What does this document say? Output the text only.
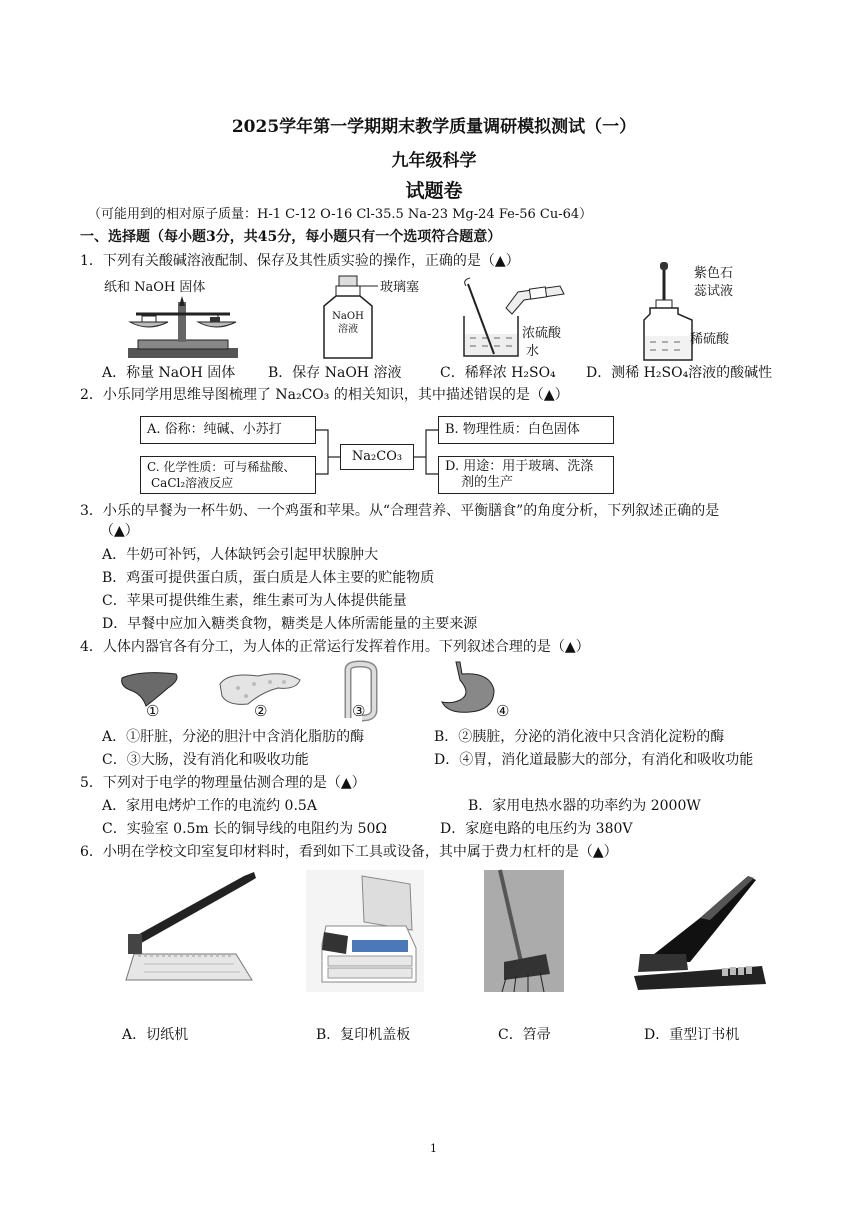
2025学年第一学期期末教学质量调研模拟测试（一）
九年级科学
试题卷
（可能用到的相对原子质量：H-1 C-12 O-16 Cl-35.5 Na-23 Mg-24 Fe-56 Cu-64）
一、选择题（每小题3分，共45分，每小题只有一个选项符合题意）
1．下列有关酸碱溶液配制、保存及其性质实验的操作，正确的是（▲）
纸和 NaOH 固体
NaOH
溶液
玻璃塞
浓硫酸
水
紫色石
蕊试液
稀硫酸
A．称量 NaOH 固体 B．保存 NaOH 溶液	C．稀释浓 H₂SO₄ D．测稀 H₂SO₄溶液的酸碱性
2．小乐同学用思维导图梳理了 Na₂CO₃ 的相关知识，其中描述错误的是（▲）
A. 俗称：纯碱、小苏打	B. 物理性质：白色固体
C. 化学性质：可与稀盐酸、
CaCl₂溶液反应
D. 用途：用于玻璃、洗涤
剂的生产
Na₂CO₃
3．小乐的早餐为一杯牛奶、一个鸡蛋和苹果。从“合理营养、平衡膳食”的角度分析，下列叙述正确的是
（▲）
A．牛奶可补钙，人体缺钙会引起甲状腺肿大
B．鸡蛋可提供蛋白质，蛋白质是人体主要的贮能物质
C．苹果可提供维生素，维生素可为人体提供能量
D．早餐中应加入糖类食物，糖类是人体所需能量的主要来源
4．人体内器官各有分工，为人体的正常运行发挥着作用。下列叙述合理的是（▲）
①	②	③	④
A．①肝脏，分泌的胆汁中含消化脂肪的酶	B．②胰脏，分泌的消化液中只含消化淀粉的酶
C．③大肠，没有消化和吸收功能	D．④胃，消化道最膨大的部分，有消化和吸收功能
5．下列对于电学的物理量估测合理的是（▲）
A．家用电烤炉工作的电流约 0.5A	B．家用电热水器的功率约为 2000W
C．实验室 0.5m 长的铜导线的电阻约为 50Ω	D．家庭电路的电压约为 380V
6．小明在学校文印室复印材料时，看到如下工具或设备，其中属于费力杠杆的是（▲）
A．切纸机	B．复印机盖板	C．笤帚	D．重型订书机
1
